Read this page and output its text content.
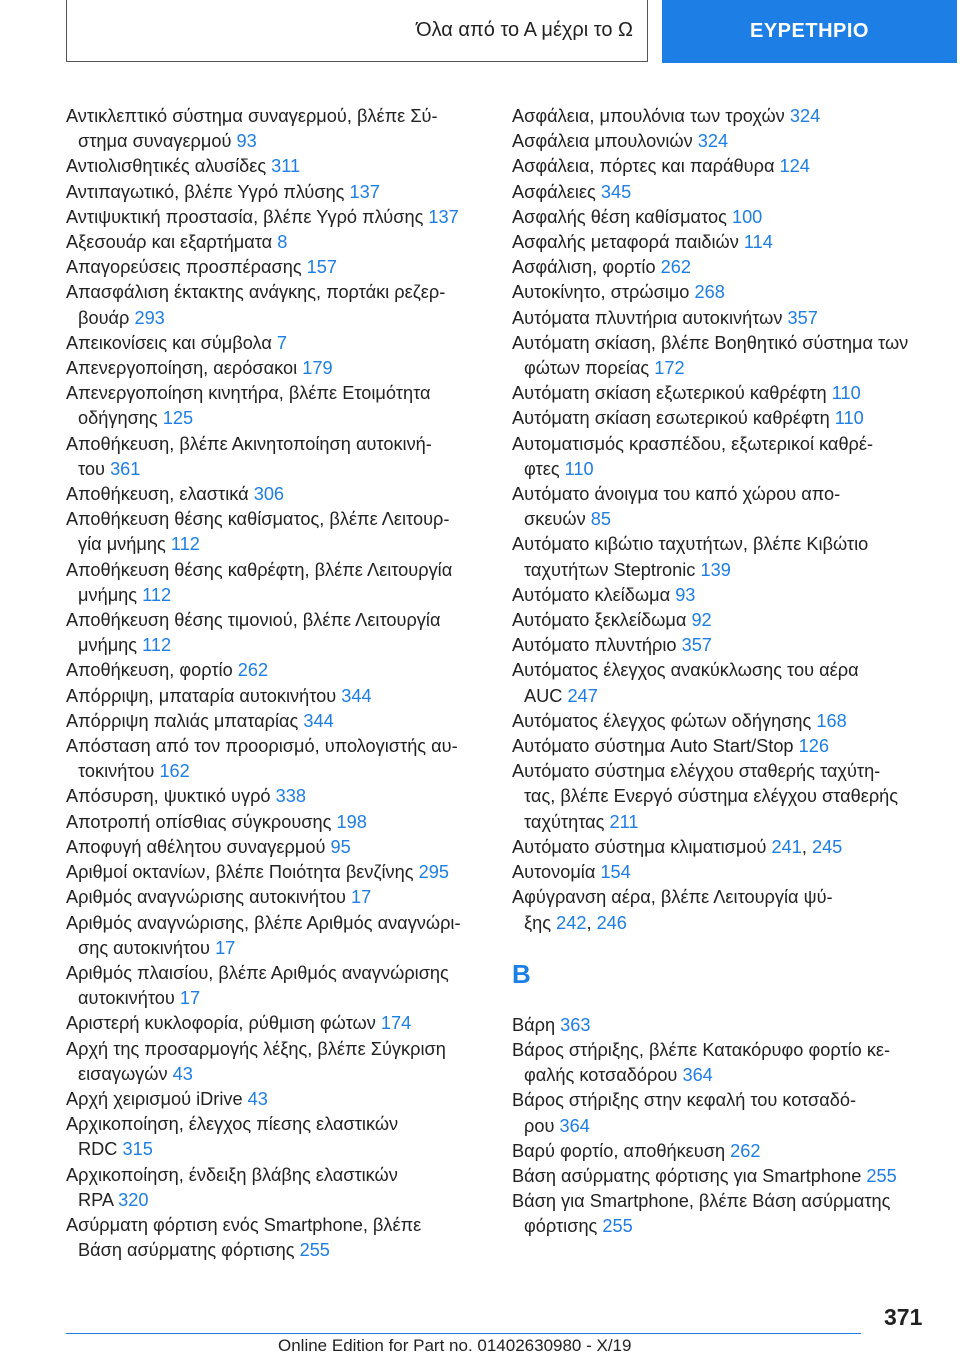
Όλα από το Α μέχρι το Ω	ΕΥΡΕΤΗΡΙΟ

Αντικλεπτικό σύστημα συναγερμού, βλέπε Σύ‐
στημα συναγερμού 93

Αντιολισθητικές αλυσίδες 311

Αντιπαγωτικό, βλέπε Υγρό πλύσης 137

Αντιψυκτική προστασία, βλέπε Υγρό πλύσης 137

Αξεσουάρ και εξαρτήματα 8

Απαγορεύσεις προσπέρασης 157

Απασφάλιση έκτακτης ανάγκης, πορτάκι ρεζερ‐
βουάρ 293

Απεικονίσεις και σύμβολα 7

Απενεργοποίηση, αερόσακοι 179

Απενεργοποίηση κινητήρα, βλέπε Ετοιμότητα
οδήγησης 125

Αποθήκευση, βλέπε Ακινητοποίηση αυτοκινή‐
του 361

Αποθήκευση, ελαστικά 306

Αποθήκευση θέσης καθίσματος, βλέπε Λειτουρ‐
γία μνήμης 112

Αποθήκευση θέσης καθρέφτη, βλέπε Λειτουργία
μνήμης 112

Αποθήκευση θέσης τιμονιού, βλέπε Λειτουργία
μνήμης 112

Αποθήκευση, φορτίο 262

Απόρριψη, μπαταρία αυτοκινήτου 344

Απόρριψη παλιάς μπαταρίας 344

Απόσταση από τον προορισμό, υπολογιστής αυ‐
τοκινήτου 162

Απόσυρση, ψυκτικό υγρό 338

Αποτροπή οπίσθιας σύγκρουσης 198

Αποφυγή αθέλητου συναγερμού 95

Αριθμοί οκτανίων, βλέπε Ποιότητα βενζίνης 295

Αριθμός αναγνώρισης αυτοκινήτου 17

Αριθμός αναγνώρισης, βλέπε Αριθμός αναγνώρι‐
σης αυτοκινήτου 17

Αριθμός πλαισίου, βλέπε Αριθμός αναγνώρισης
αυτοκινήτου 17

Αριστερή κυκλοφορία, ρύθμιση φώτων 174

Αρχή της προσαρμογής λέξης, βλέπε Σύγκριση
εισαγωγών 43

Αρχή χειρισμού iDrive 43

Αρχικοποίηση, έλεγχος πίεσης ελαστικών
RDC 315

Αρχικοποίηση, ένδειξη βλάβης ελαστικών
RPA 320

Ασύρματη φόρτιση ενός Smartphone, βλέπε
Βάση ασύρματης φόρτισης 255

Ασφάλεια, μπουλόνια των τροχών 324

Ασφάλεια μπουλονιών 324

Ασφάλεια, πόρτες και παράθυρα 124

Ασφάλειες 345

Ασφαλής θέση καθίσματος 100

Ασφαλής μεταφορά παιδιών 114

Ασφάλιση, φορτίο 262

Αυτοκίνητο, στρώσιμο 268

Αυτόματα πλυντήρια αυτοκινήτων 357

Αυτόματη σκίαση, βλέπε Βοηθητικό σύστημα των
φώτων πορείας 172

Αυτόματη σκίαση εξωτερικού καθρέφτη 110

Αυτόματη σκίαση εσωτερικού καθρέφτη 110

Αυτοματισμός κρασπέδου, εξωτερικοί καθρέ‐
φτες 110

Αυτόματο άνοιγμα του καπό χώρου απο‐
σκευών 85

Αυτόματο κιβώτιο ταχυτήτων, βλέπε Κιβώτιο
ταχυτήτων Steptronic 139

Αυτόματο κλείδωμα 93

Αυτόματο ξεκλείδωμα 92

Αυτόματο πλυντήριο 357

Αυτόματος έλεγχος ανακύκλωσης του αέρα
AUC 247

Αυτόματος έλεγχος φώτων οδήγησης 168

Αυτόματο σύστημα Auto Start/Stop 126

Αυτόματο σύστημα ελέγχου σταθερής ταχύτη‐
τας, βλέπε Ενεργό σύστημα ελέγχου σταθερής
ταχύτητας 211

Αυτόματο σύστημα κλιματισμού 241, 245

Αυτονομία 154

Αφύγρανση αέρα, βλέπε Λειτουργία ψύ‐
ξης 242, 246

B

Βάρη 363

Βάρος στήριξης, βλέπε Κατακόρυφο φορτίο κε‐
φαλής κοτσαδόρου 364

Βάρος στήριξης στην κεφαλή του κοτσαδό‐
ρου 364

Βαρύ φορτίο, αποθήκευση 262

Βάση ασύρματης φόρτισης για Smartphone 255

Βάση για Smartphone, βλέπε Βάση ασύρματης
φόρτισης 255

371
Online Edition for Part no. 01402630980 - X/19
